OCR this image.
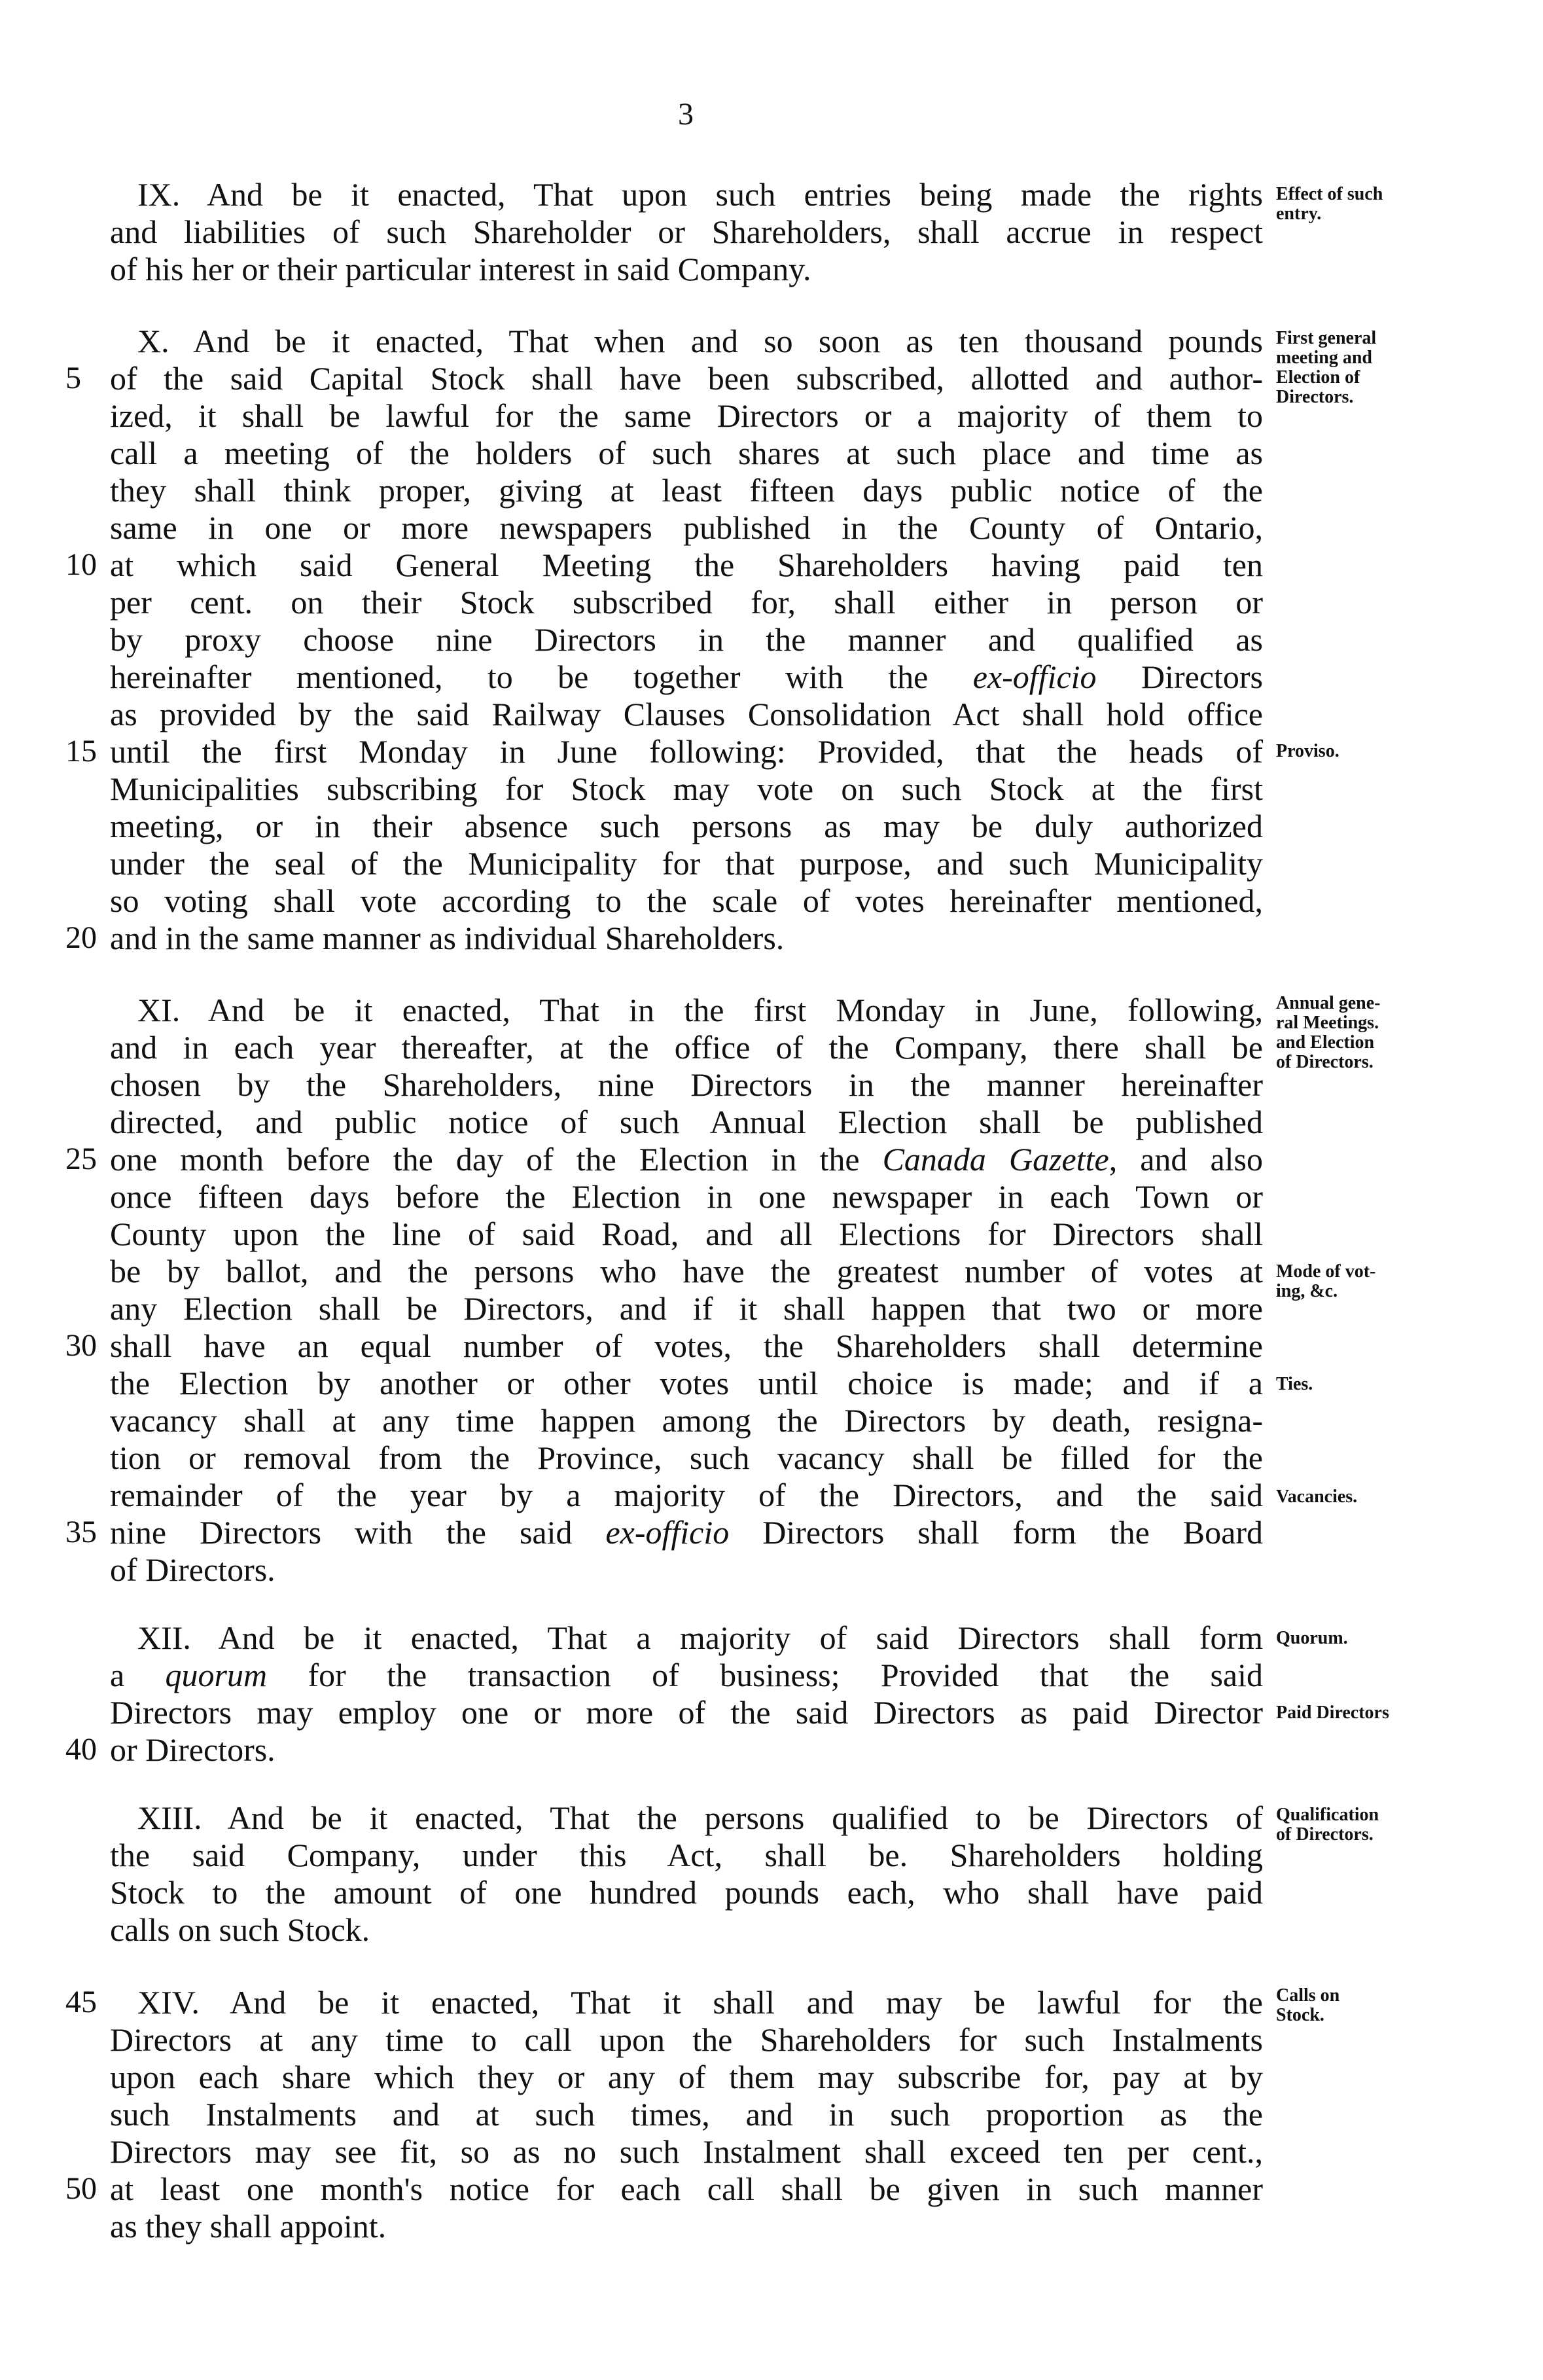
3
IX. And be it enacted, That upon such entries being made the rights
and liabilities of such Shareholder or Shareholders, shall accrue in respect
of his her or their particular interest in said Company.
Effect of such
entry.
X. And be it enacted, That when and so soon as ten thousand pounds
of the said Capital Stock shall have been subscribed, allotted and author-
ized, it shall be lawful for the same Directors or a majority of them to
call a meeting of the holders of such shares at such place and time as
they shall think proper, giving at least fifteen days public notice of the
same in one or more newspapers published in the County of Ontario,
at which said General Meeting the Shareholders having paid ten
per cent. on their Stock subscribed for, shall either in person or
by proxy choose nine Directors in the manner and qualified as
hereinafter mentioned, to be together with the ex-officio Directors
as provided by the said Railway Clauses Consolidation Act shall hold office
until the first Monday in June following: Provided, that the heads of
Municipalities subscribing for Stock may vote on such Stock at the first
meeting, or in their absence such persons as may be duly authorized
under the seal of the Municipality for that purpose, and such Municipality
so voting shall vote according to the scale of votes hereinafter mentioned,
and in the same manner as individual Shareholders.
First general
meeting and
Election of
Directors.
Proviso.
XI. And be it enacted, That in the first Monday in June, following,
and in each year thereafter, at the office of the Company, there shall be
chosen by the Shareholders, nine Directors in the manner hereinafter
directed, and public notice of such Annual Election shall be published
one month before the day of the Election in the Canada Gazette, and also
once fifteen days before the Election in one newspaper in each Town or
County upon the line of said Road, and all Elections for Directors shall
be by ballot, and the persons who have the greatest number of votes at
any Election shall be Directors, and if it shall happen that two or more
shall have an equal number of votes, the Shareholders shall determine
the Election by another or other votes until choice is made; and if a
vacancy shall at any time happen among the Directors by death, resigna-
tion or removal from the Province, such vacancy shall be filled for the
remainder of the year by a majority of the Directors, and the said
nine Directors with the said ex-officio Directors shall form the Board
of Directors.
Annual gene-
ral Meetings.
and Election
of Directors.
Mode of vot-
ing, &c.
Ties.
Vacancies.
XII. And be it enacted, That a majority of said Directors shall form
a quorum for the transaction of business; Provided that the said
Directors may employ one or more of the said Directors as paid Director
or Directors.
Quorum.
Paid Directors
XIII. And be it enacted, That the persons qualified to be Directors of
the said Company, under this Act, shall be. Shareholders holding
Stock to the amount of one hundred pounds each, who shall have paid
calls on such Stock.
Qualification
of Directors.
XIV. And be it enacted, That it shall and may be lawful for the
Directors at any time to call upon the Shareholders for such Instalments
upon each share which they or any of them may subscribe for, pay at by
such Instalments and at such times, and in such proportion as the
Directors may see fit, so as no such Instalment shall exceed ten per cent.,
at least one month's notice for each call shall be given in such manner
as they shall appoint.
Calls on
Stock.
5
10
15
20
25
30
35
40
45
50
